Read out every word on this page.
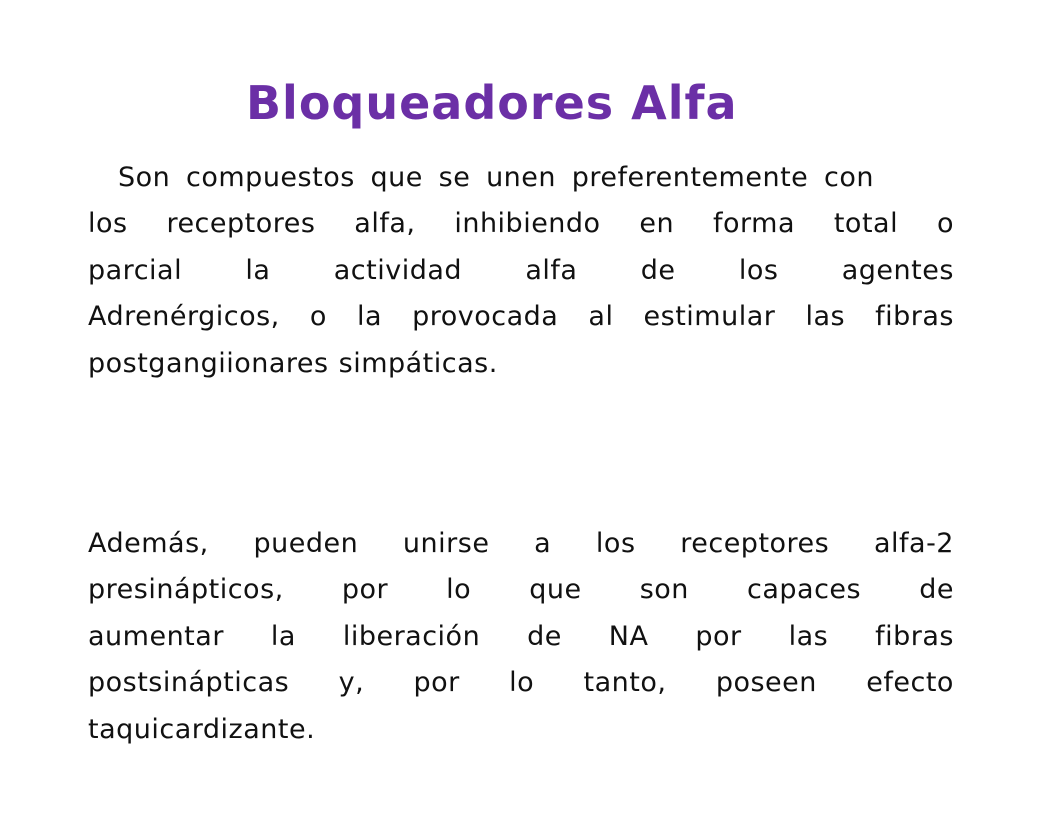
Bloqueadores Alfa
Son compuestos que se unen preferentemente con
los receptores alfa, inhibiendo en forma total o
parcial la actividad alfa de los agentes
Adrenérgicos, o la provocada al estimular las fibras
postgangiionares simpáticas.
Además, pueden unirse a los receptores alfa-2
presinápticos, por lo que son capaces de
aumentar la liberación de NA por las fibras
postsinápticas y, por lo tanto, poseen efecto
taquicardizante.
